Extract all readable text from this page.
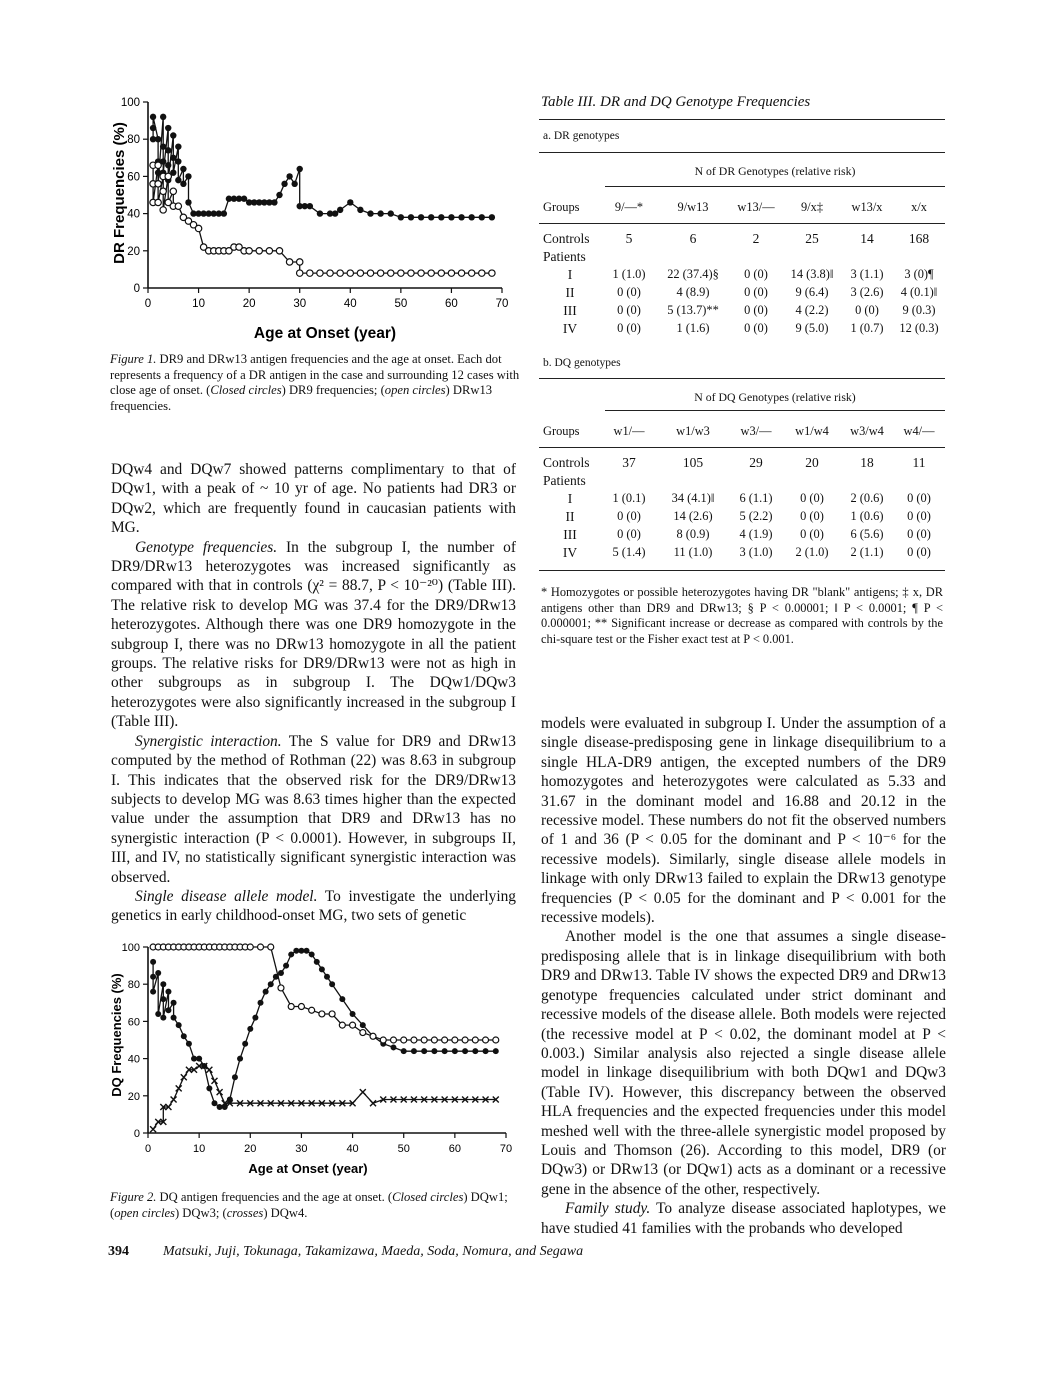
0	10	20	30	40	50	60	70
0
20
40
60
80
100
DR Frequencies (%)
Age at Onset (year)

Figure 1. DR9 and DRw13 antigen frequencies and the age at onset. Each dot represents a frequency of a DR antigen in the case and surrounding 12 cases with close age of onset. (Closed circles) DR9 frequencies; (open circles) DRw13 frequencies.

DQw4 and DQw7 showed patterns complimentary to that of DQw1, with a peak of ~ 10 yr of age. No patients had DR3 or DQw2, which are frequently found in caucasian patients with MG.

Genotype frequencies. In the subgroup I, the number of DR9/DRw13 heterozygotes was increased significantly as compared with that in controls (χ² = 88.7, P < 10⁻²⁰) (Table III). The relative risk to develop MG was 37.4 for the DR9/DRw13 heterozygotes. Although there was one DR9 homozygote in the subgroup I, there was no DRw13 homozygote in all the patient groups. The relative risks for DR9/DRw13 were not as high in other subgroups as in subgroup I. The DQw1/DQw3 heterozygotes were also significantly increased in the subgroup I (Table III).

Synergistic interaction. The S value for DR9 and DRw13 computed by the method of Rothman (22) was 8.63 in subgroup I. This indicates that the observed risk for the DR9/DRw13 subjects to develop MG was 8.63 times higher than the expected value under the assumption that DR9 and DRw13 has no synergistic interaction (P < 0.0001). However, in subgroups II, III, and IV, no statistically significant synergistic interaction was observed.

Single disease allele model. To investigate the underlying genetics in early childhood-onset MG, two sets of genetic

0	10	20	30	40	50	60	70
0
20
40
60
80
100
DQ Frequencies (%)
Age at Onset (year)

Figure 2. DQ antigen frequencies and the age at onset. (Closed circles) DQw1; (open circles) DQw3; (crosses) DQw4.

Table III. DR and DQ Genotype Frequencies
a. DR genotypes
N of DR Genotypes (relative risk)
Groups	9/—*	9/w13	w13/—	9/x‡	w13/x	x/x

Controls	5	6	2	25	14	168
Patients						
I	1 (1.0)	22 (37.4)§	0 (0)	14 (3.8)ǁ	3 (1.1)	3 (0)¶
II	0 (0)	4 (8.9)	0 (0)	9 (6.4)	3 (2.6)	4 (0.1)ǁ
III	0 (0)	5 (13.7)**	0 (0)	4 (2.2)	0 (0)	9 (0.3)
IV	0 (0)	1 (1.6)	0 (0)	9 (5.0)	1 (0.7)	12 (0.3)
b. DQ genotypes
N of DQ Genotypes (relative risk)
Groups	w1/—	w1/w3	w3/—	w1/w4	w3/w4	w4/—

Controls	37	105	29	20	18	11
Patients						
I	1 (0.1)	34 (4.1)ǁ	6 (1.1)	0 (0)	2 (0.6)	0 (0)
II	0 (0)	14 (2.6)	5 (2.2)	0 (0)	1 (0.6)	0 (0)
III	0 (0)	8 (0.9)	4 (1.9)	0 (0)	6 (5.6)	0 (0)
IV	5 (1.4)	11 (1.0)	3 (1.0)	2 (1.0)	2 (1.1)	0 (0)

* Homozygotes or possible heterozygotes having DR "blank" antigens; ‡ x, DR antigens other than DR9 and DRw13; § P < 0.00001; ǁ P < 0.0001; ¶ P < 0.000001; ** Significant increase or decrease as compared with controls by the chi-square test or the Fisher exact test at P < 0.001.

models were evaluated in subgroup I. Under the assumption of a single disease-predisposing gene in linkage disequilibrium to a single HLA-DR9 antigen, the excepted numbers of the DR9 homozygotes and heterozygotes were calculated as 5.33 and 31.67 in the dominant model and 16.88 and 20.12 in the recessive model. These numbers do not fit the observed numbers of 1 and 36 (P < 0.05 for the dominant and P < 10⁻⁶ for the recessive models). Similarly, single disease allele models in linkage with only DRw13 failed to explain the DRw13 genotype frequencies (P < 0.05 for the dominant and P < 0.001 for the recessive models).

Another model is the one that assumes a single disease-predisposing allele that is in linkage disequilibrium with both DR9 and DRw13. Table IV shows the expected DR9 and DRw13 genotype frequencies calculated under strict dominant and recessive models of the disease allele. Both models were rejected (the recessive model at P < 0.02, the dominant model at P < 0.003.) Similar analysis also rejected a single disease allele model in linkage disequilibrium with both DQw1 and DQw3 (Table IV). However, this discrepancy between the observed HLA frequencies and the expected frequencies under this model meshed well with the three-allele synergistic model proposed by Louis and Thomson (26). According to this model, DR9 (or DQw3) or DRw13 (or DQw1) acts as a dominant or a recessive gene in the absence of the other, respectively.

Family study. To analyze disease associated haplotypes, we have studied 41 families with the probands who developed

394 Matsuki, Juji, Tokunaga, Takamizawa, Maeda, Soda, Nomura, and Segawa
